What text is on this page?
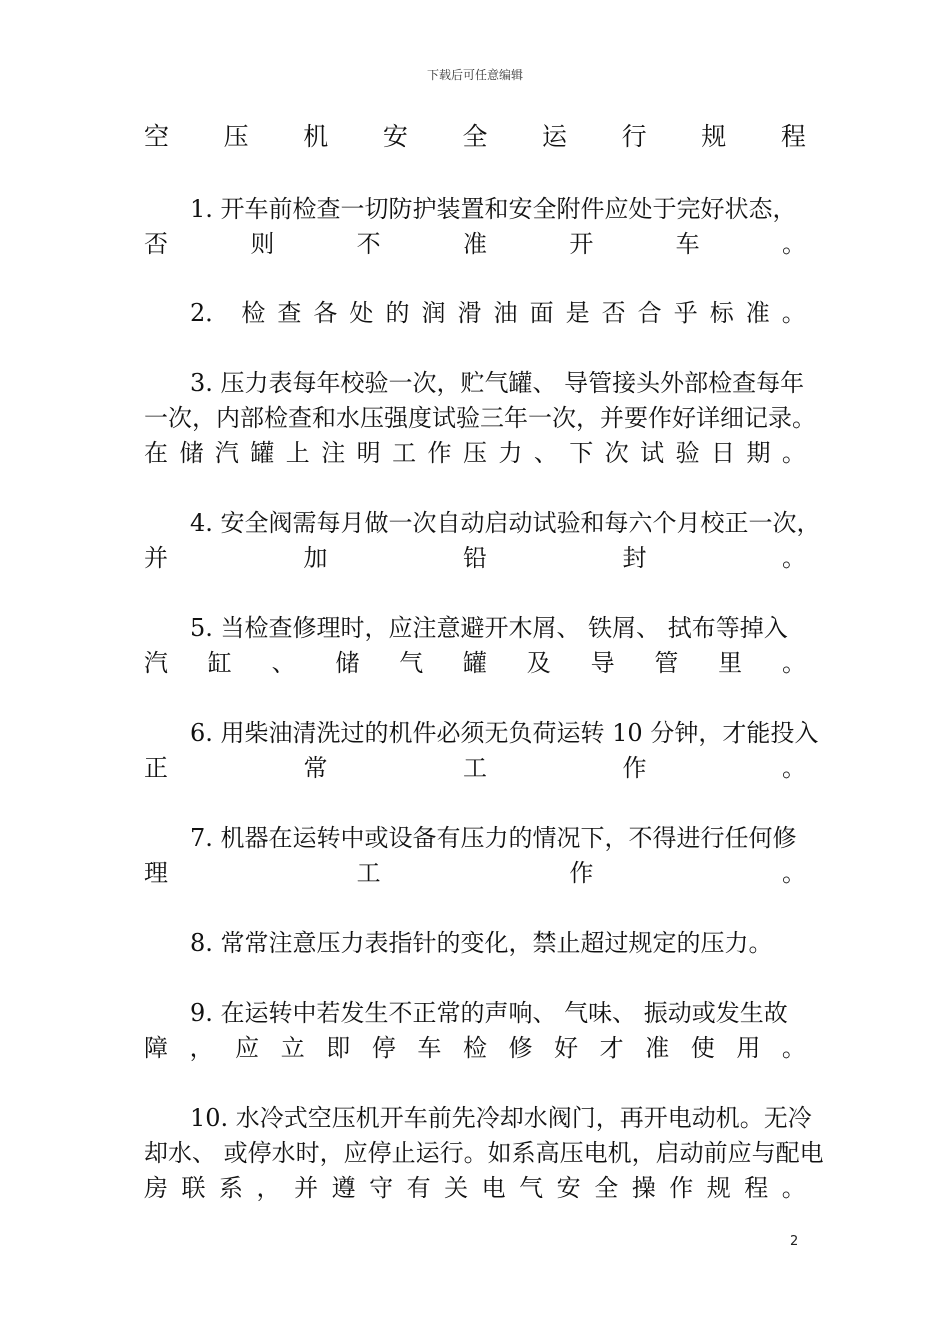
下载后可任意编辑
空 压 机 安 全 运 行 规 程
1. 开车前检查一切防护装置和安全附件应处于完好状态，
否	则	不	准	开	车	。
2． 检 查 各 处 的 润 滑 油 面 是 否 合 乎 标 准 。
3. 压力表每年校验一次，贮气罐、 导管接头外部检查每年
一次，内部检查和水压强度试验三年一次，并要作好详细记录。
在 储 汽 罐 上 注 明 工 作 压 力 、 下 次 试 验 日 期 。
4. 安全阀需每月做一次自动启动试验和每六个月校正一次，
并	加	铅	封	。
5. 当检查修理时，应注意避开木屑、 铁屑、 拭布等掉入
汽 缸 、 储 气 罐 及 导 管 里 。
6. 用柴油清洗过的机件必须无负荷运转 10 分钟，才能投入
正	常	工	作	。
7. 机器在运转中或设备有压力的情况下，不得进行任何修
理	工	作	。
8. 常常注意压力表指针的变化，禁止超过规定的压力。
9. 在运转中若发生不正常的声响、 气味、 振动或发生故
障 ， 应 立 即 停 车 检 修 好 才 准 使 用 。
10. 水冷式空压机开车前先冷却水阀门，再开电动机。无冷
却水、 或停水时，应停止运行。如系高压电机，启动前应与配电
房 联 系 ， 并 遵 守 有 关 电 气 安 全 操 作 规 程 。
2
